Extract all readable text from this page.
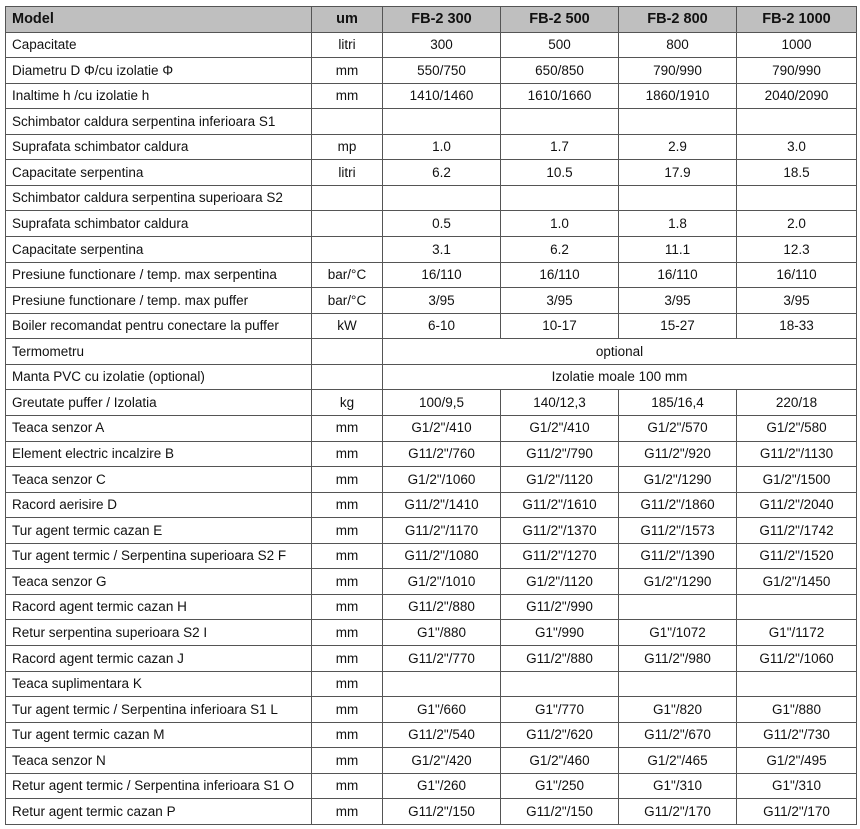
Model	um	FB-2 300	FB-2 500	FB-2 800	FB-2 1000
Capacitate	litri	300	500	800	1000
Diametru D Φ/cu izolatie Φ	mm	550/750	650/850	790/990	790/990
Inaltime h /cu izolatie h	mm	1410/1460	1610/1660	1860/1910	2040/2090
Schimbator caldura serpentina inferioara S1					
Suprafata schimbator caldura	mp	1.0	1.7	2.9	3.0
Capacitate serpentina	litri	6.2	10.5	17.9	18.5
Schimbator caldura serpentina superioara S2					
Suprafata schimbator caldura		0.5	1.0	1.8	2.0
Capacitate serpentina		3.1	6.2	11.1	12.3
Presiune functionare / temp. max serpentina	bar/°C	16/110	16/110	16/110	16/110
Presiune functionare / temp. max puffer	bar/°C	3/95	3/95	3/95	3/95
Boiler recomandat pentru conectare la puffer	kW	6-10	10-17	15-27	18-33
Termometru		optional			
Manta PVC cu izolatie (optional)		Izolatie moale 100 mm			
Greutate puffer / Izolatia	kg	100/9,5	140/12,3	185/16,4	220/18
Teaca senzor A	mm	G1/2"/410	G1/2"/410	G1/2"/570	G1/2"/580
Element electric incalzire B	mm	G11/2"/760	G11/2"/790	G11/2"/920	G11/2"/1130
Teaca senzor C	mm	G1/2"/1060	G1/2"/1120	G1/2"/1290	G1/2"/1500
Racord aerisire D	mm	G11/2"/1410	G11/2"/1610	G11/2"/1860	G11/2"/2040
Tur agent termic cazan E	mm	G11/2"/1170	G11/2"/1370	G11/2"/1573	G11/2"/1742
Tur agent termic / Serpentina superioara S2 F	mm	G11/2"/1080	G11/2"/1270	G11/2"/1390	G11/2"/1520
Teaca senzor G	mm	G1/2"/1010	G1/2"/1120	G1/2"/1290	G1/2"/1450
Racord agent termic cazan H	mm	G11/2"/880	G11/2"/990		
Retur serpentina superioara S2 I	mm	G1"/880	G1"/990	G1"/1072	G1"/1172
Racord agent termic cazan J	mm	G11/2"/770	G11/2"/880	G11/2"/980	G11/2"/1060
Teaca suplimentara K	mm				
Tur agent termic / Serpentina inferioara S1 L	mm	G1"/660	G1"/770	G1"/820	G1"/880
Tur agent termic cazan M	mm	G11/2"/540	G11/2"/620	G11/2"/670	G11/2"/730
Teaca senzor N	mm	G1/2"/420	G1/2"/460	G1/2"/465	G1/2"/495
Retur agent termic / Serpentina inferioara S1 O	mm	G1"/260	G1"/250	G1"/310	G1"/310
Retur agent termic cazan P	mm	G11/2"/150	G11/2"/150	G11/2"/170	G11/2"/170
